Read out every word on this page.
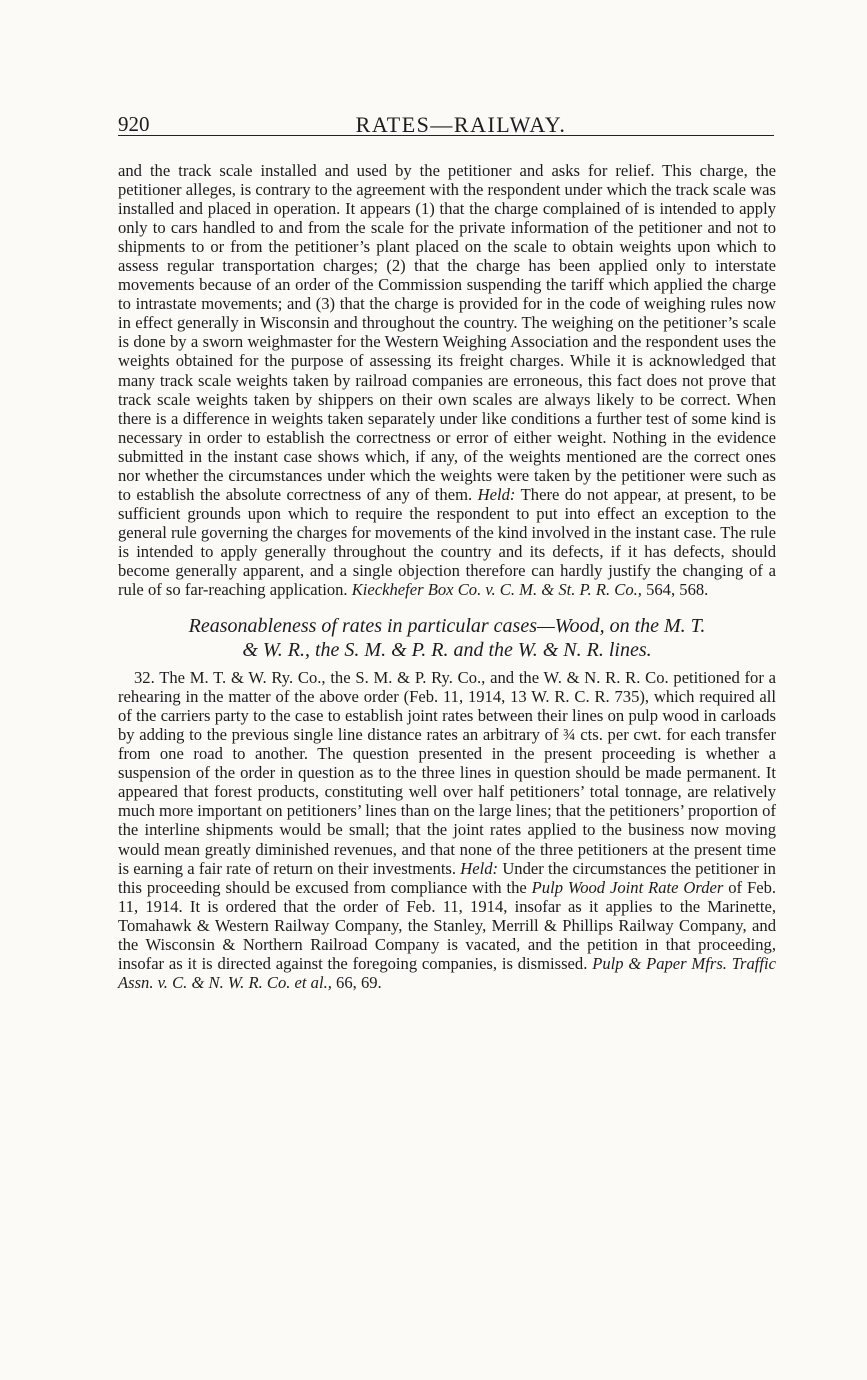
920	RATES—RAILWAY.

and the track scale installed and used by the petitioner and asks for relief. This charge, the petitioner alleges, is contrary to the agreement with the respondent under which the track scale was installed and placed in operation. It appears (1) that the charge complained of is intended to apply only to cars handled to and from the scale for the private information of the petitioner and not to shipments to or from the petitioner’s plant placed on the scale to obtain weights upon which to assess regular transportation charges; (2) that the charge has been applied only to interstate movements because of an order of the Commission suspending the tariff which applied the charge to intrastate movements; and (3) that the charge is provided for in the code of weighing rules now in effect generally in Wisconsin and throughout the country. The weighing on the petitioner’s scale is done by a sworn weighmaster for the Western Weighing Association and the respondent uses the weights obtained for the purpose of assessing its freight charges. While it is acknowledged that many track scale weights taken by railroad companies are erroneous, this fact does not prove that track scale weights taken by shippers on their own scales are always likely to be correct. When there is a difference in weights taken separately under like conditions a further test of some kind is necessary in order to establish the correctness or error of either weight. Nothing in the evidence submitted in the instant case shows which, if any, of the weights mentioned are the correct ones nor whether the circumstances under which the weights were taken by the petitioner were such as to establish the absolute correctness of any of them. Held: There do not appear, at present, to be sufficient grounds upon which to require the respondent to put into effect an exception to the general rule governing the charges for movements of the kind involved in the instant case. The rule is intended to apply generally throughout the country and its defects, if it has defects, should become generally apparent, and a single objection therefore can hardly justify the changing of a rule of so far-reaching application. Kieckhefer Box Co. v. C. M. & St. P. R. Co., 564, 568.

Reasonableness of rates in particular cases—Wood, on the M. T.
& W. R., the S. M. & P. R. and the W. & N. R. lines.

32. The M. T. & W. Ry. Co., the S. M. & P. Ry. Co., and the W. & N. R. R. Co. petitioned for a rehearing in the matter of the above order (Feb. 11, 1914, 13 W. R. C. R. 735), which required all of the carriers party to the case to establish joint rates between their lines on pulp wood in carloads by adding to the previous single line distance rates an arbitrary of ¾ cts. per cwt. for each transfer from one road to another. The question presented in the present proceeding is whether a suspension of the order in question as to the three lines in question should be made permanent. It appeared that forest products, constituting well over half petitioners’ total tonnage, are relatively much more important on petitioners’ lines than on the large lines; that the petitioners’ proportion of the interline shipments would be small; that the joint rates applied to the business now moving would mean greatly diminished revenues, and that none of the three petitioners at the present time is earning a fair rate of return on their investments. Held: Under the circumstances the petitioner in this proceeding should be excused from compliance with the Pulp Wood Joint Rate Order of Feb. 11, 1914. It is ordered that the order of Feb. 11, 1914, insofar as it applies to the Marinette, Tomahawk & Western Railway Company, the Stanley, Merrill & Phillips Railway Company, and the Wisconsin & Northern Railroad Company is vacated, and the petition in that proceeding, insofar as it is directed against the foregoing companies, is dismissed. Pulp & Paper Mfrs. Traffic Assn. v. C. & N. W. R. Co. et al., 66, 69.
